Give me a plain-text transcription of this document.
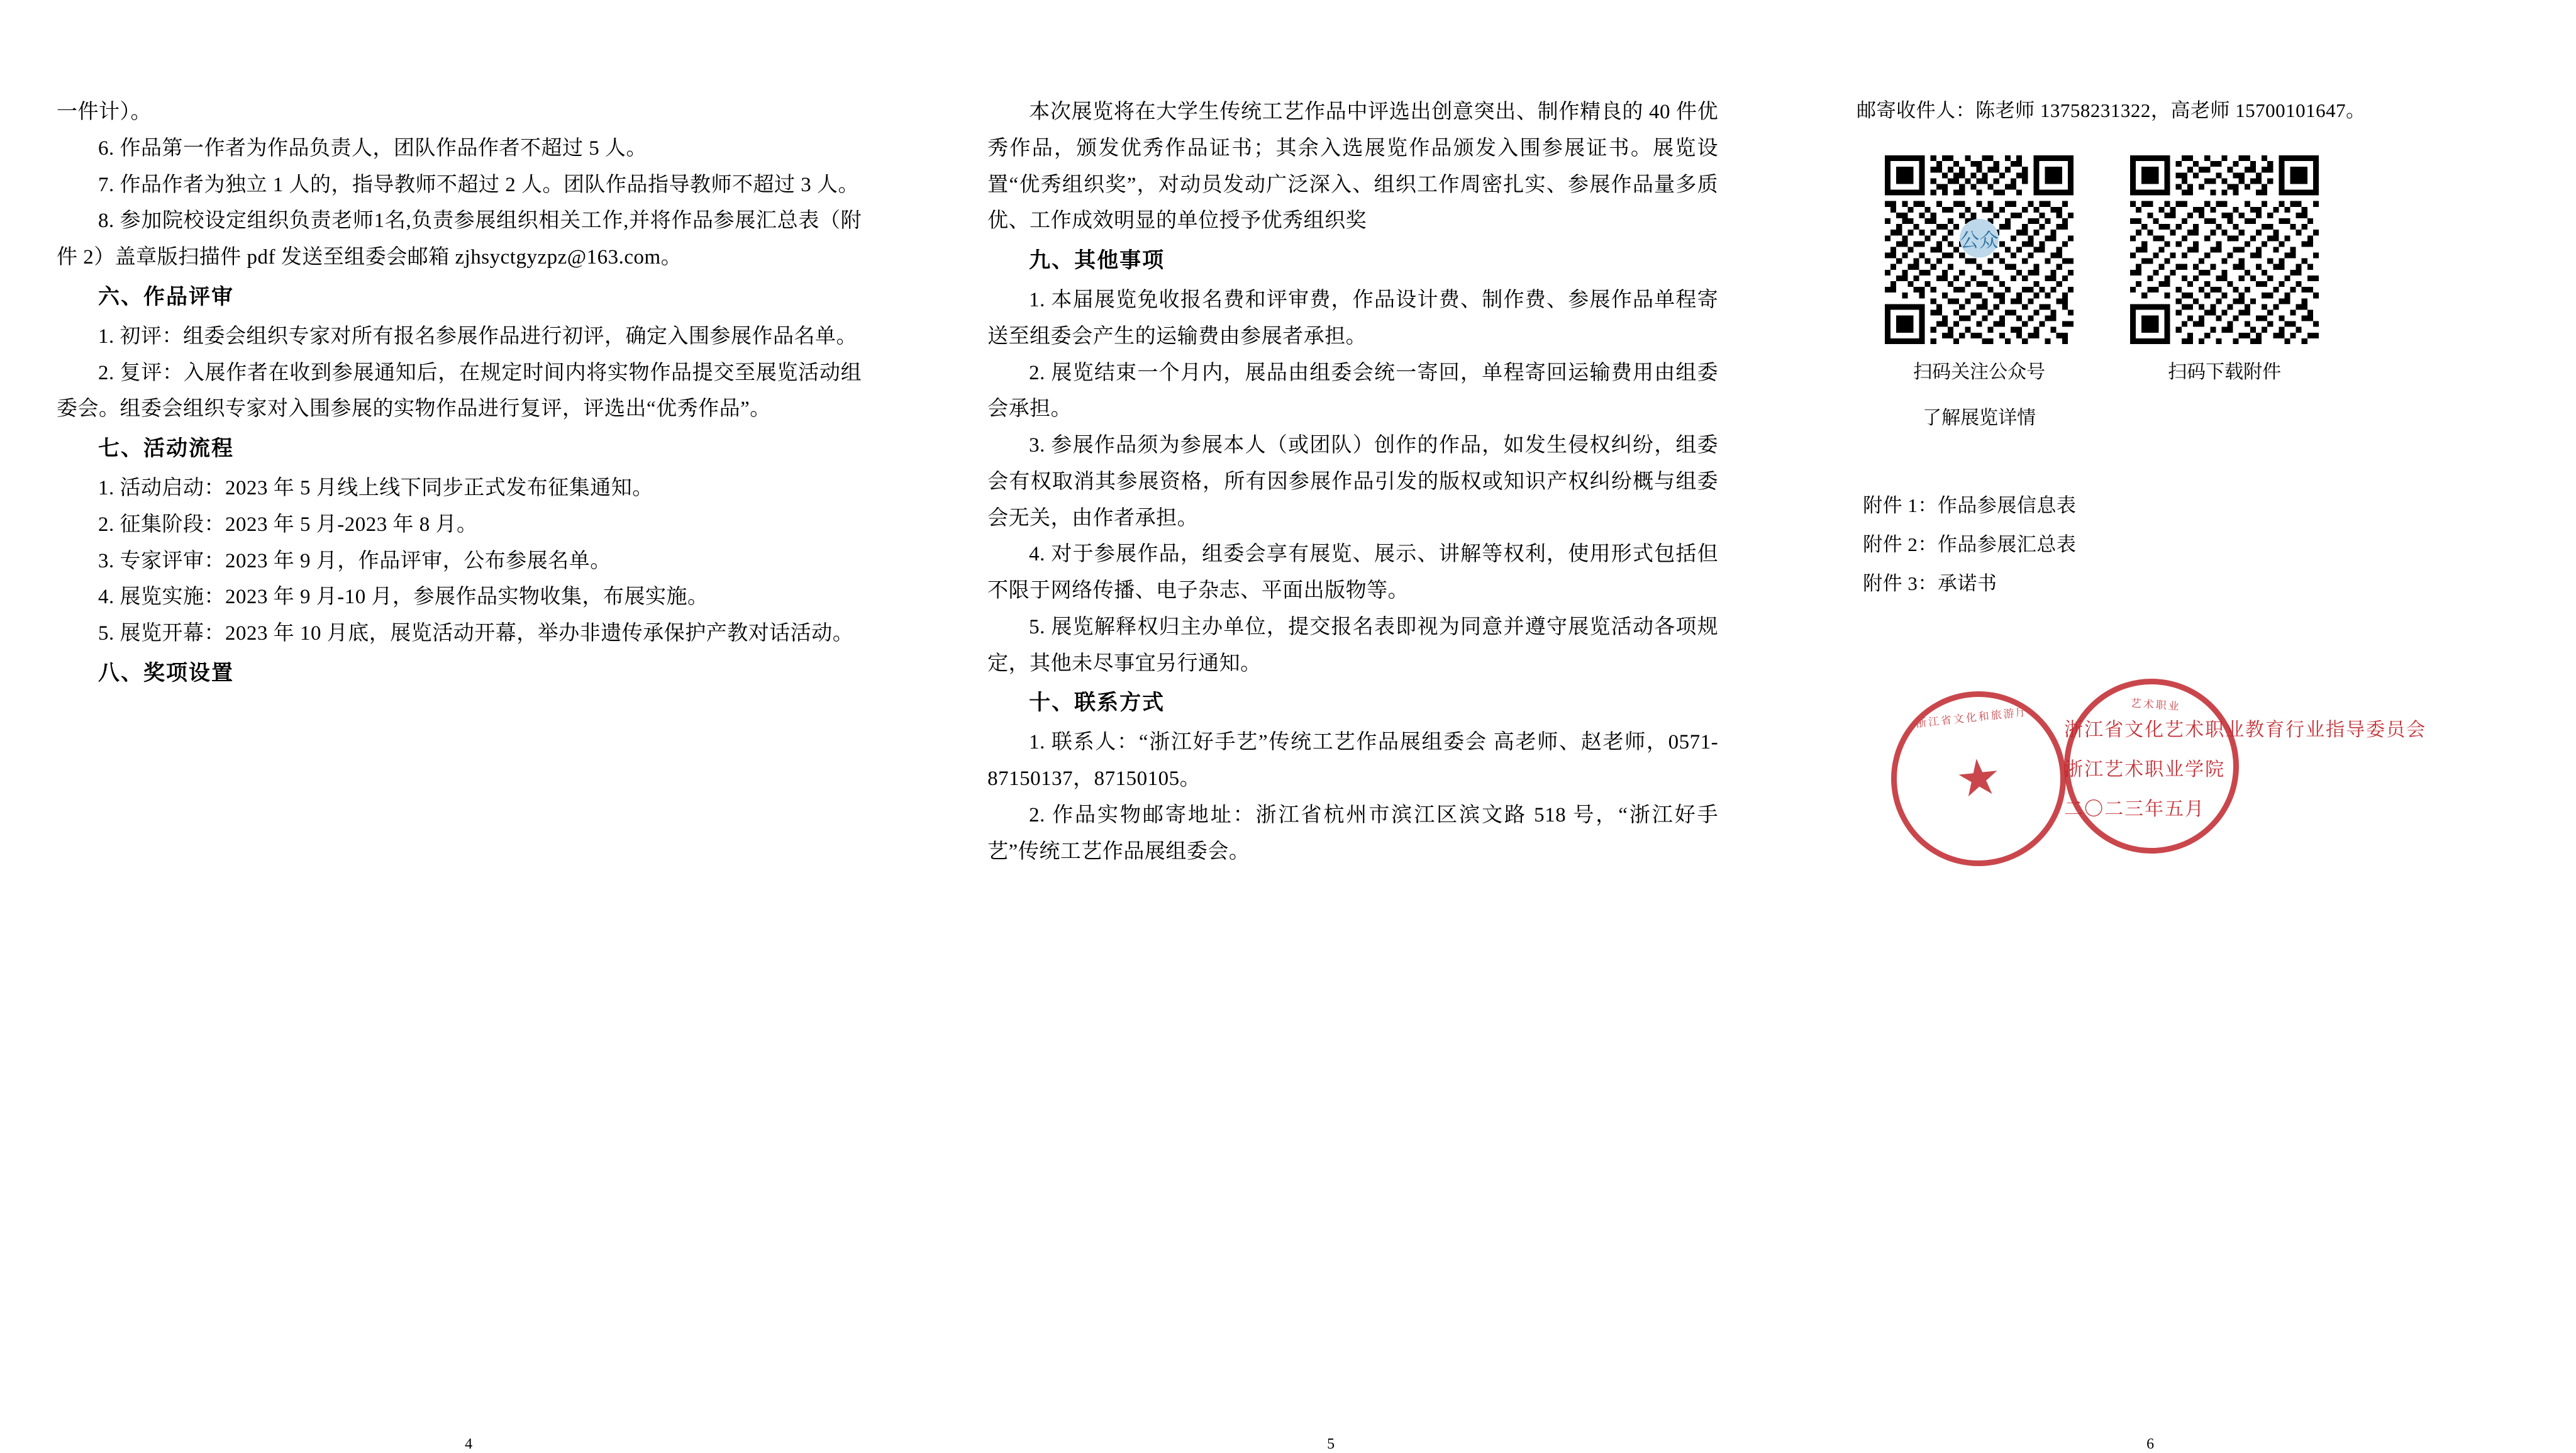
一件计）。

6. 作品第一作者为作品负责人，团队作品作者不超过 5 人。

7. 作品作者为独立 1 人的，指导教师不超过 2 人。团队作品指导教师不超过 3 人。

8. 参加院校设定组织负责老师1名,负责参展组织相关工作,并将作品参展汇总表（附件 2）盖章版扫描件 pdf 发送至组委会邮箱 zjhsyctgyzpz@163.com。

六、作品评审

1. 初评：组委会组织专家对所有报名参展作品进行初评，确定入围参展作品名单。

2. 复评：入展作者在收到参展通知后，在规定时间内将实物作品提交至展览活动组委会。组委会组织专家对入围参展的实物作品进行复评，评选出“优秀作品”。

七、活动流程

1. 活动启动：2023 年 5 月线上线下同步正式发布征集通知。

2. 征集阶段：2023 年 5 月-2023 年 8 月。

3. 专家评审：2023 年 9 月，作品评审，公布参展名单。

4. 展览实施：2023 年 9 月-10 月，参展作品实物收集，布展实施。

5. 展览开幕：2023 年 10 月底，展览活动开幕，举办非遗传承保护产教对话活动。

八、奖项设置

4

本次展览将在大学生传统工艺作品中评选出创意突出、制作精良的 40 件优秀作品，颁发优秀作品证书；其余入选展览作品颁发入围参展证书。展览设置“优秀组织奖”，对动员发动广泛深入、组织工作周密扎实、参展作品量多质优、工作成效明显的单位授予优秀组织奖

九、其他事项

1. 本届展览免收报名费和评审费，作品设计费、制作费、参展作品单程寄送至组委会产生的运输费由参展者承担。

2. 展览结束一个月内，展品由组委会统一寄回，单程寄回运输费用由组委会承担。

3. 参展作品须为参展本人（或团队）创作的作品，如发生侵权纠纷，组委会有权取消其参展资格，所有因参展作品引发的版权或知识产权纠纷概与组委会无关，由作者承担。

4. 对于参展作品，组委会享有展览、展示、讲解等权利，使用形式包括但不限于网络传播、电子杂志、平面出版物等。

5. 展览解释权归主办单位，提交报名表即视为同意并遵守展览活动各项规定，其他未尽事宜另行通知。

十、联系方式

1. 联系人：“浙江好手艺”传统工艺作品展组委会 高老师、赵老师，0571-87150137，87150105。

2. 作品实物邮寄地址：浙江省杭州市滨江区滨文路 518 号，“浙江好手艺”传统工艺作品展组委会。

5

邮寄收件人：陈老师 13758231322，高老师 15700101647。

公众
扫码关注公众号
了解展览详情
扫码下载附件

附件 1：作品参展信息表

附件 2：作品参展汇总表

附件 3：承诺书

浙江省文化艺术职业教育行业指导委员会
浙江艺术职业学院
二〇二三年五月
浙江省文化和旅游厅
艺术职业
6
